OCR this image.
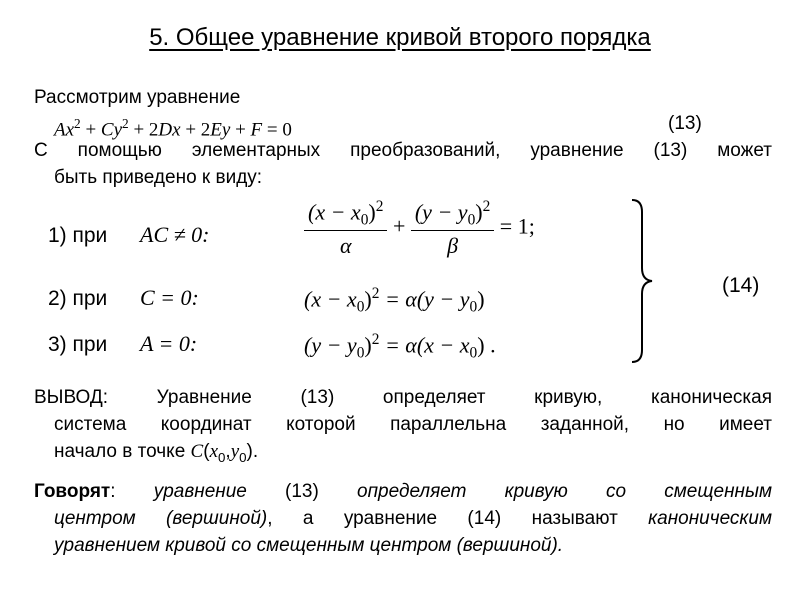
5. Общее уравнение кривой второго порядка
Рассмотрим уравнение
$Ax^2 + Cy^2 + 2Dx + 2Ey + F = 0$	(13)
С помощью элементарных преобразований, уравнение (13) может
быть приведено к виду:
1) при AC ≠ 0:
2) при C = 0:
3) при A = 0:
$\frac{(x - x_0)^2}{\alpha} + \frac{(y - y_0)^2}{\beta} = 1$;
$(x - x_0)^2 = \alpha(y - y_0)$
$(y - y_0)^2 = \alpha(x - x_0)$ .
(14)
ВЫВОД: Уравнение (13) определяет кривую, каноническая
система координат которой параллельна заданной, но имеет
начало в точке $C(x_0,y_0)$.
Говорят: уравнение (13) определяет кривую со смещенным
центром (вершиной), а уравнение (14) называют каноническим
уравнением кривой со смещенным центром (вершиной).
